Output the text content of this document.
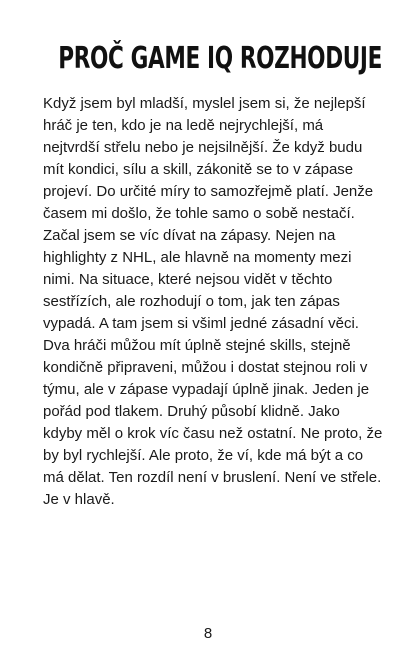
PROČ GAME IQ ROZHODUJE

Když jsem byl mladší, myslel jsem si, že nejlepší hráč je ten, kdo je na ledě nejrychlejší, má nejtvrdší střelu nebo je nejsilnější. Že když budu mít kondici, sílu a skill, zákonitě se to v zápase projeví. Do určité míry to samozřejmě platí. Jenže časem mi došlo, že tohle samo o sobě nestačí.

Začal jsem se víc dívat na zápasy. Nejen na highlighty z NHL, ale hlavně na momenty mezi nimi. Na situace, které nejsou vidět v těchto sestřízích, ale rozhodují o tom, jak ten zápas vypadá. A tam jsem si všiml jedné zásadní věci. Dva hráči můžou mít úplně stejné skills, stejně kondičně připraveni, můžou i dostat stejnou roli v týmu, ale v zápase vypadají úplně jinak. Jeden je pořád pod tlakem. Druhý působí klidně. Jako kdyby měl o krok víc času než ostatní. Ne proto, že by byl rychlejší. Ale proto, že ví, kde má být a co má dělat. Ten rozdíl není v bruslení. Není ve střele. Je v hlavě.

8
